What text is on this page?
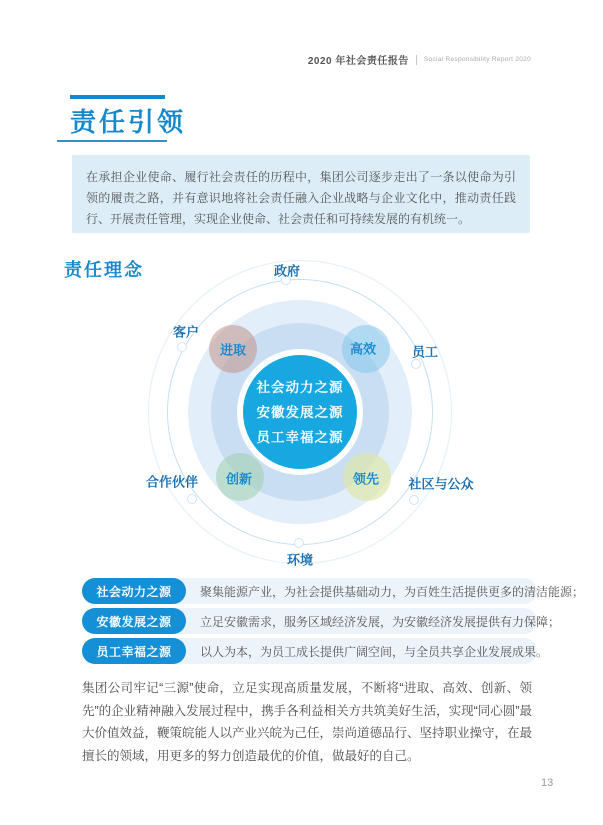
2020 年社会责任报告 Social Responsibility Report 2020
责任引领

在承担企业使命、履行社会责任的历程中，集团公司逐步走出了一条以使命为引领的履责之路，并有意识地将社会责任融入企业战略与企业文化中，推动责任践行、开展责任管理，实现企业使命、社会责任和可持续发展的有机统一。

责任理念
社会动力之源
安徽发展之源
员工幸福之源
进取	高效
创新	领先
政府
客户
员工
合作伙伴	社区与公众
环境
社会动力之源	聚集能源产业，为社会提供基础动力，为百姓生活提供更多的清洁能源；
安徽发展之源	立足安徽需求，服务区域经济发展，为安徽经济发展提供有力保障；
员工幸福之源	以人为本，为员工成长提供广阔空间，与全员共享企业发展成果。

集团公司牢记“三源”使命，立足实现高质量发展，不断将“进取、高效、创新、领先”的企业精神融入发展过程中，携手各利益相关方共筑美好生活，实现“同心圆”最大价值效益，鞭策皖能人以产业兴皖为己任，崇尚道德品行、坚持职业操守，在最擅长的领域，用更多的努力创造最优的价值，做最好的自己。

13
